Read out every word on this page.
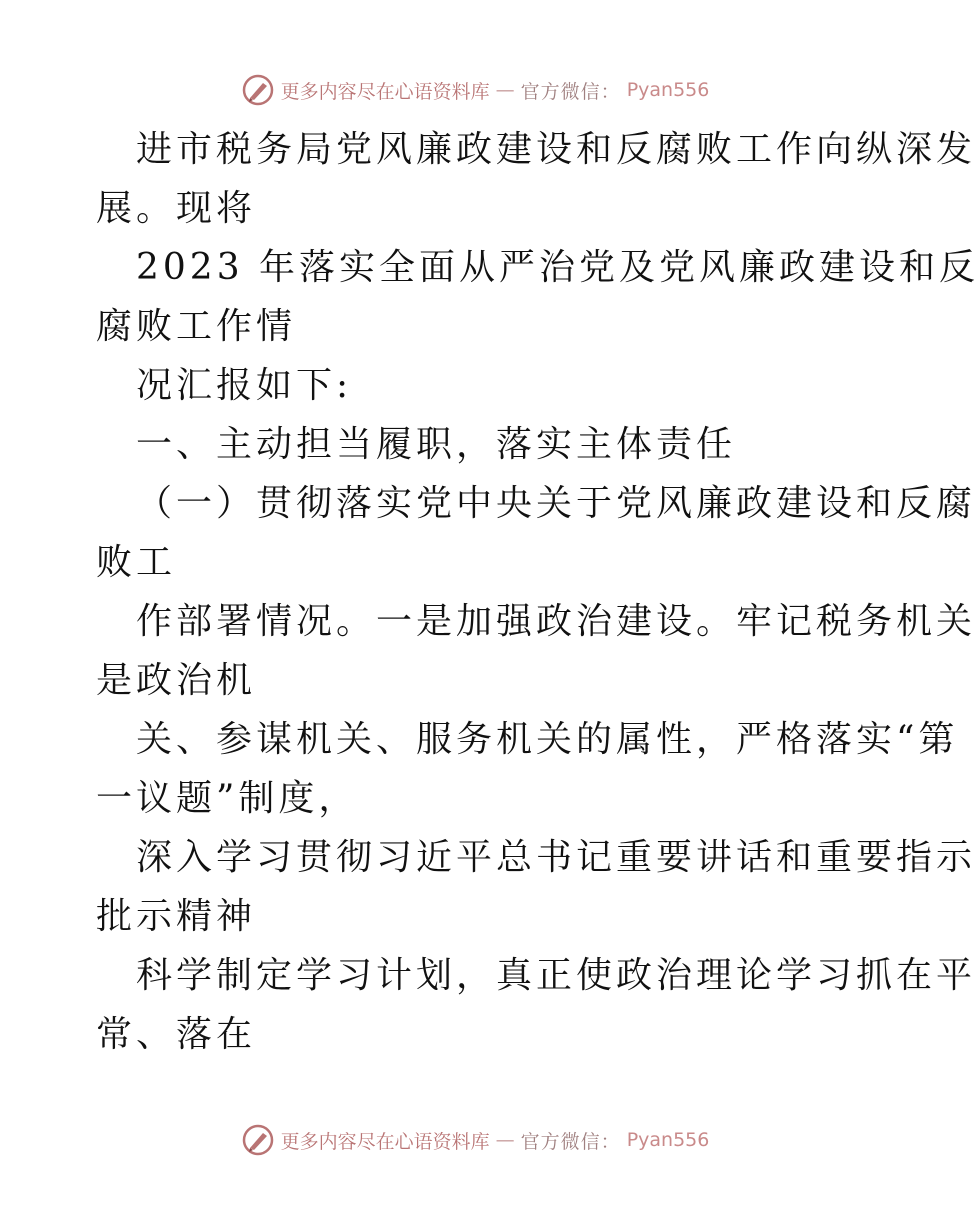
更多内容尽在心语资料库 — 官方微信： Pyan556
进市税务局党风廉政建设和反腐败工作向纵深发
展。现将
2023 年落实全面从严治党及党风廉政建设和反
腐败工作情
况汇报如下:
一、主动担当履职，落实主体责任
（一）贯彻落实党中央关于党风廉政建设和反腐
败工
作部署情况。一是加强政治建设。牢记税务机关
是政治机
关、参谋机关、服务机关的属性，严格落实“第
一议题”制度，
深入学习贯彻习近平总书记重要讲话和重要指示
批示精神
科学制定学习计划，真正使政治理论学习抓在平
常、落在
更多内容尽在心语资料库 — 官方微信： Pyan556
